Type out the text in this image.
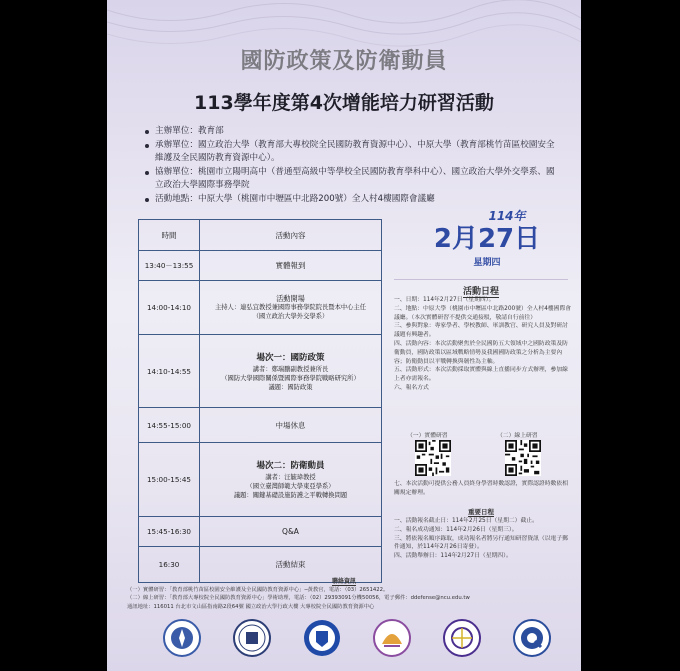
國防政策及防衛動員
113學年度第4次增能培力研習活動
主辦單位：教育部
承辦單位：國立政治大學（教育部大專校院全民國防教育資源中心）、中原大學（教育部桃竹苗區校園安全維護及全民國防教育資源中心）。
協辦單位：桃園市立陽明高中（普通型高級中等學校全民國防教育學科中心）、國立政治大學外交學系、國立政治大學國際事務學院
活動地點：中原大學（桃園市中壢區中北路200號）全人村4樓國際會議廳
時間	活動內容
13:40－13:55	實體報到
14:00-14:10	活動開場
主持人：連弘宜教授兼國際事務學院院長暨本中心主任
（國立政治大學外交學系）

14:10-14:55	場次一：國防政策
講者：鄭瑞鵬副教授兼所長
（國防大學國際關係暨國際事務學院戰略研究所）
議題：國防政策

14:55-15:00	中場休息
15:00-15:45	場次二：防衛動員
講者：汪毓瑋教授
（國立臺灣師範大學東亞學系）
議題：關鍵基礎設施防護之平戰轉換問題

15:45-16:30	Q&A
16:30	活動結束
114年
2月27日
星期四
活動日程

一、日期：114年2月27日（星期四）。

二、地點：中原大學（桃園市中壢區中北路200號）全人村4樓國際會議廳。（本次實體研習不提供交通接駁，敬請自行前往）

三、參與對象：專家學者、學校教師、軍訓教官、研究人員及對研討議題有興趣者。

四、活動內容：本次活動聚焦於全民國防五大領域中之國防政策及防衛動員，國防政策以區域戰略情勢及我國國防政策之分析為主要內容；防衛動員以平戰轉換與韌性為主軸。

五、活動形式：本次活動採取實體與線上直播同步方式辦理，參加線上者亦需報名。

六、報名方式

（一）實體研習	（二）線上研習
七、本次活動可提供公務人員終身學習時數認證，實際認證時數依相關規定辦理。
重要日程

一、活動報名截止日：114年2月25日（星期二）截止。

二、報名成功通知：114年2月26日（星期三）。

三、將依報名順序錄取，成功報名者將另行通知研習資訊（以電子郵件通知，於114年2月26日寄發）。

四、活動舉辦日：114年2月27日（星期四）。

聯絡資訊
（一）實體研習：「教育部桃竹苗區校園安全維護及全民國防教育資源中心」─黃教官，電話：（03）2651422。
（二）線上研習：「教育部大專校院全民國防教育資源中心」學術助理，電話：（02）29393091分機50056，電子郵件：ddefense@ncu.edu.tw
通訊地址：116011 台北市文山區指南路2段64號 國立政治大學行政大樓 大專校院全民國防教育資源中心
